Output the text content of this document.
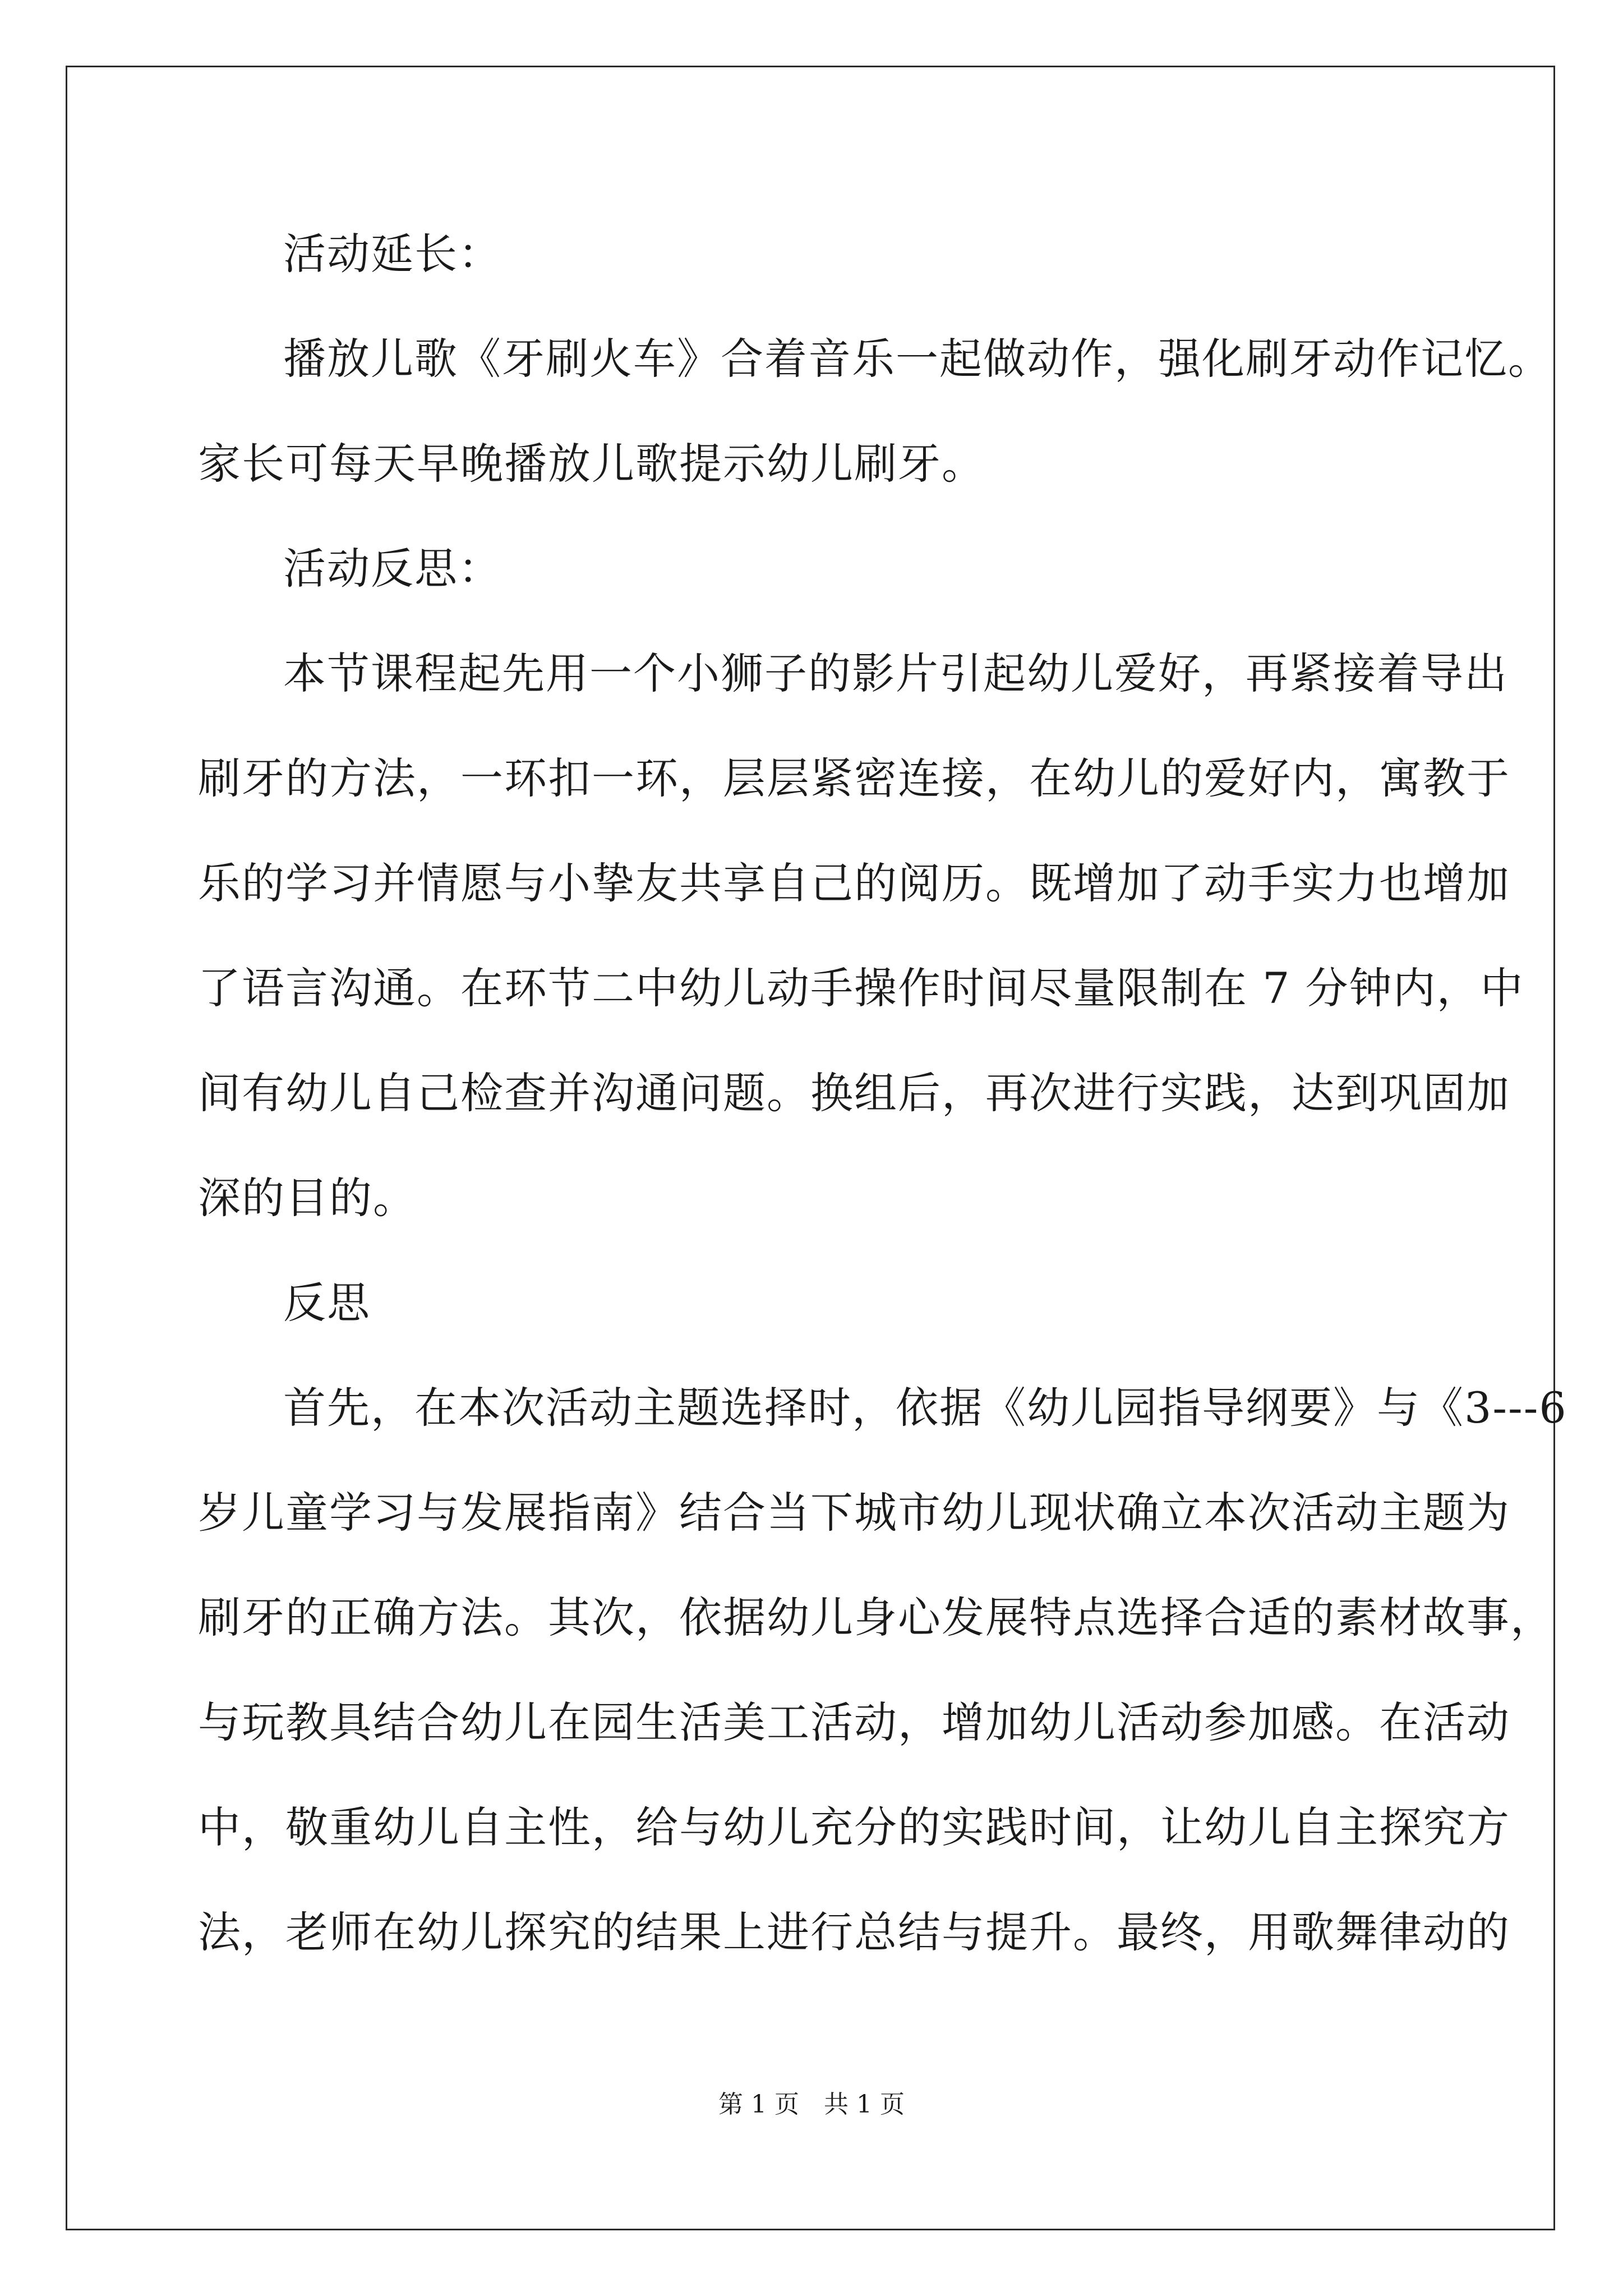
活动延长：
播放儿歌《牙刷火车》合着音乐一起做动作，强化刷牙动作记忆。
家长可每天早晚播放儿歌提示幼儿刷牙。
活动反思：
本节课程起先用一个小狮子的影片引起幼儿爱好，再紧接着导出
刷牙的方法，一环扣一环，层层紧密连接，在幼儿的爱好内，寓教于
乐的学习并情愿与小挚友共享自己的阅历。既增加了动手实力也增加
了语言沟通。在环节二中幼儿动手操作时间尽量限制在 7 分钟内，中
间有幼儿自己检查并沟通问题。换组后，再次进行实践，达到巩固加
深的目的。
反思
首先，在本次活动主题选择时，依据《幼儿园指导纲要》与《3---6
岁儿童学习与发展指南》结合当下城市幼儿现状确立本次活动主题为
刷牙的正确方法。其次，依据幼儿身心发展特点选择合适的素材故事，
与玩教具结合幼儿在园生活美工活动，增加幼儿活动参加感。在活动
中，敬重幼儿自主性，给与幼儿充分的实践时间，让幼儿自主探究方
法，老师在幼儿探究的结果上进行总结与提升。最终，用歌舞律动的
第 1 页　共 1 页
